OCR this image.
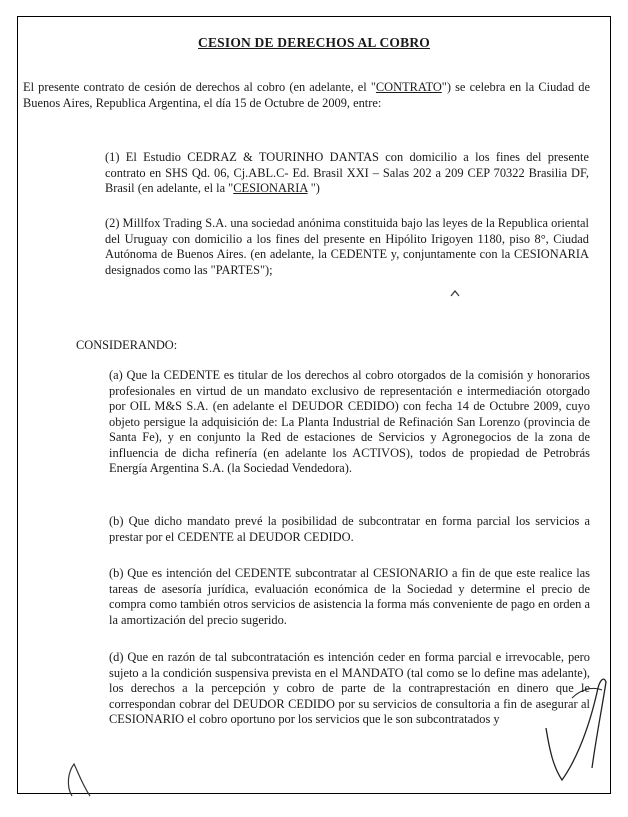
CESION DE DERECHOS AL COBRO

El presente contrato de cesión de derechos al cobro (en adelante, el "CONTRATO") se celebra en la Ciudad de Buenos Aires, Republica Argentina, el día 15 de Octubre de 2009, entre:

(1) El Estudio CEDRAZ & TOURINHO DANTAS con domicilio a los fines del presente contrato en SHS Qd. 06, Cj.ABL.C- Ed. Brasil XXI – Salas 202 a 209 CEP 70322 Brasilia DF, Brasil (en adelante, el la "CESIONARIA ")

(2) Millfox Trading S.A. una sociedad anónima constituida bajo las leyes de la Republica oriental del Uruguay con domicilio a los fines del presente en Hipólito Irigoyen 1180, piso 8°, Ciudad Autónoma de Buenos Aires. (en adelante, la CEDENTE y, conjuntamente con la CESIONARIA designados como las "PARTES");

CONSIDERANDO:

(a) Que la CEDENTE es titular de los derechos al cobro otorgados de la comisión y honorarios profesionales en virtud de un mandato exclusivo de representación e intermediación otorgado por OIL M&S S.A. (en adelante el DEUDOR CEDIDO) con fecha 14 de Octubre 2009, cuyo objeto persigue la adquisición de: La Planta Industrial de Refinación San Lorenzo (provincia de Santa Fe), y en conjunto la Red de estaciones de Servicios y Agronegocios de la zona de influencia de dicha refinería (en adelante los ACTIVOS), todos de propiedad de Petrobrás Energía Argentina S.A. (la Sociedad Vendedora).

(b) Que dicho mandato prevé la posibilidad de subcontratar en forma parcial los servicios a prestar por el CEDENTE al DEUDOR CEDIDO.

(b) Que es intención del CEDENTE subcontratar al CESIONARIO a fin de que este realice las tareas de asesoría jurídica, evaluación económica de la Sociedad y determine el precio de compra como también otros servicios de asistencia la forma más conveniente de pago en orden a la amortización del precio sugerido.

(d) Que en razón de tal subcontratación es intención ceder en forma parcial e irrevocable, pero sujeto a la condición suspensiva prevista en el MANDATO (tal como se lo define mas adelante), los derechos a la percepción y cobro de parte de la contraprestación en dinero que le correspondan cobrar del DEUDOR CEDIDO por su servicios de consultoria a fin de asegurar al CESIONARIO el cobro oportuno por los servicios que le son subcontratados y
